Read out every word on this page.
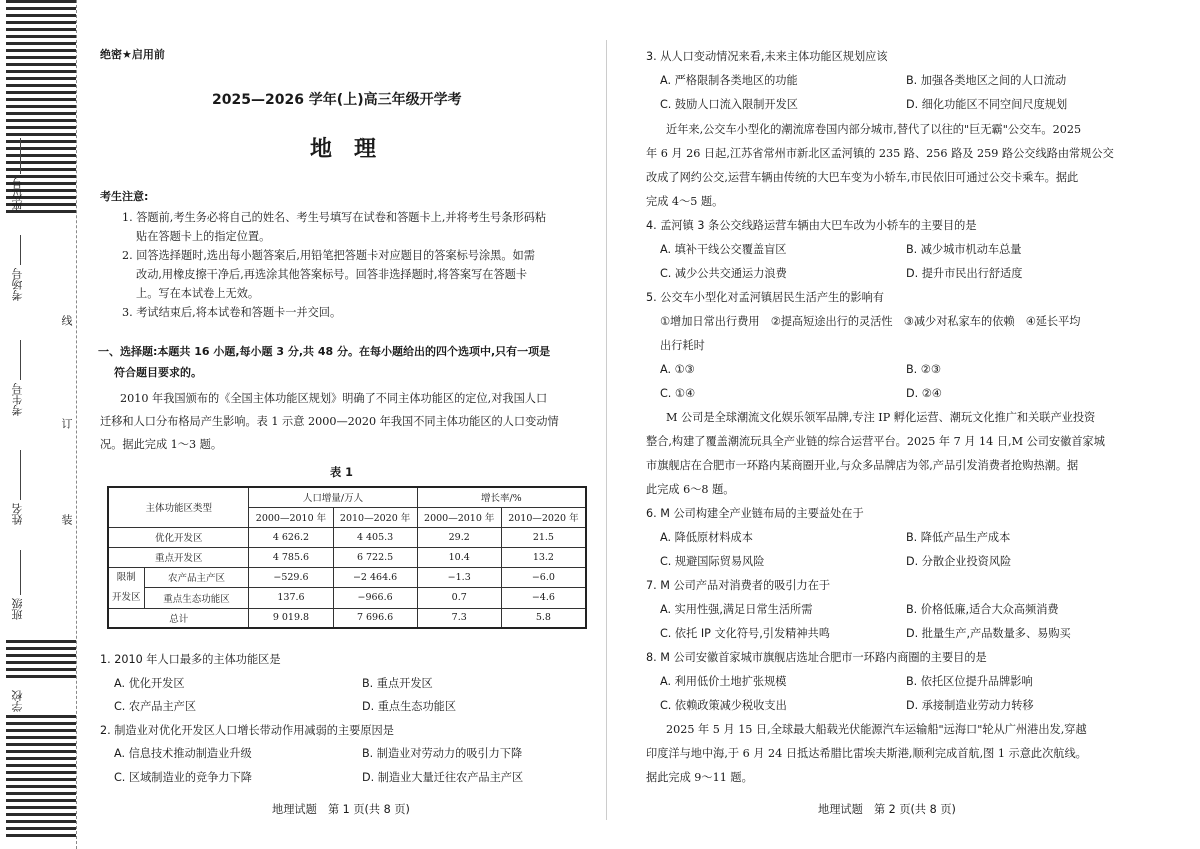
座位号
考场号
考生号
姓名
班级
学校
线
订
装
绝密★启用前
2025—2026 学年(上)高三年级开学考
地　理
考生注意:
1. 答题前,考生务必将自己的姓名、考生号填写在试卷和答题卡上,并将考生号条形码粘
贴在答题卡上的指定位置。
2. 回答选择题时,选出每小题答案后,用铅笔把答题卡对应题目的答案标号涂黑。如需
改动,用橡皮擦干净后,再选涂其他答案标号。回答非选择题时,将答案写在答题卡
上。写在本试卷上无效。
3. 考试结束后,将本试卷和答题卡一并交回。
一、选择题:本题共 16 小题,每小题 3 分,共 48 分。在每小题给出的四个选项中,只有一项是
符合题目要求的。
2010 年我国颁布的《全国主体功能区规划》明确了不同主体功能区的定位,对我国人口
迁移和人口分布格局产生影响。表 1 示意 2000—2020 年我国不同主体功能区的人口变动情
况。据此完成 1～3 题。
表 1
主体功能区类型		人口增量/万人		增长率/%	
		2000—2010 年	2010—2020 年	2000—2010 年	2010—2020 年
优化开发区		4 626.2	4 405.3	29.2	21.5
重点开发区		4 785.6	6 722.5	10.4	13.2
限制
开发区	农产品主产区	−529.6	−2 464.6	−1.3	−6.0
	重点生态功能区	137.6	−966.6	0.7	−4.6
总计		9 019.8	7 696.6	7.3	5.8
1. 2010 年人口最多的主体功能区是
A. 优化开发区	B. 重点开发区
C. 农产品主产区	D. 重点生态功能区
2. 制造业对优化开发区人口增长带动作用减弱的主要原因是
A. 信息技术推动制造业升级	B. 制造业对劳动力的吸引力下降
C. 区域制造业的竞争力下降	D. 制造业大量迁往农产品主产区
地理试题　第 1 页(共 8 页)
3. 从人口变动情况来看,未来主体功能区规划应该
A. 严格限制各类地区的功能	B. 加强各类地区之间的人口流动
C. 鼓励人口流入限制开发区	D. 细化功能区不同空间尺度规划
近年来,公交车小型化的潮流席卷国内部分城市,替代了以往的"巨无霸"公交车。2025
年 6 月 26 日起,江苏省常州市新北区孟河镇的 235 路、256 路及 259 路公交线路由常规公交
改成了网约公交,运营车辆由传统的大巴车变为小轿车,市民依旧可通过公交卡乘车。据此
完成 4～5 题。
4. 孟河镇 3 条公交线路运营车辆由大巴车改为小轿车的主要目的是
A. 填补干线公交覆盖盲区	B. 减少城市机动车总量
C. 减少公共交通运力浪费	D. 提升市民出行舒适度
5. 公交车小型化对孟河镇居民生活产生的影响有
①增加日常出行费用　②提高短途出行的灵活性　③减少对私家车的依赖　④延长平均
出行耗时
A. ①③	B. ②③
C. ①④	D. ②④
M 公司是全球潮流文化娱乐领军品牌,专注 IP 孵化运营、潮玩文化推广和关联产业投资
整合,构建了覆盖潮流玩具全产业链的综合运营平台。2025 年 7 月 14 日,M 公司安徽首家城
市旗舰店在合肥市一环路内某商圈开业,与众多品牌店为邻,产品引发消费者抢购热潮。据
此完成 6～8 题。
6. M 公司构建全产业链布局的主要益处在于
A. 降低原材料成本	B. 降低产品生产成本
C. 规避国际贸易风险	D. 分散企业投资风险
7. M 公司产品对消费者的吸引力在于
A. 实用性强,满足日常生活所需	B. 价格低廉,适合大众高频消费
C. 依托 IP 文化符号,引发精神共鸣	D. 批量生产,产品数量多、易购买
8. M 公司安徽首家城市旗舰店选址合肥市一环路内商圈的主要目的是
A. 利用低价土地扩张规模	B. 依托区位提升品牌影响
C. 依赖政策减少税收支出	D. 承接制造业劳动力转移
2025 年 5 月 15 日,全球最大船载光伏能源汽车运输船"远海口"轮从广州港出发,穿越
印度洋与地中海,于 6 月 24 日抵达希腊比雷埃夫斯港,顺利完成首航,图 1 示意此次航线。
据此完成 9～11 题。
地理试题　第 2 页(共 8 页)
